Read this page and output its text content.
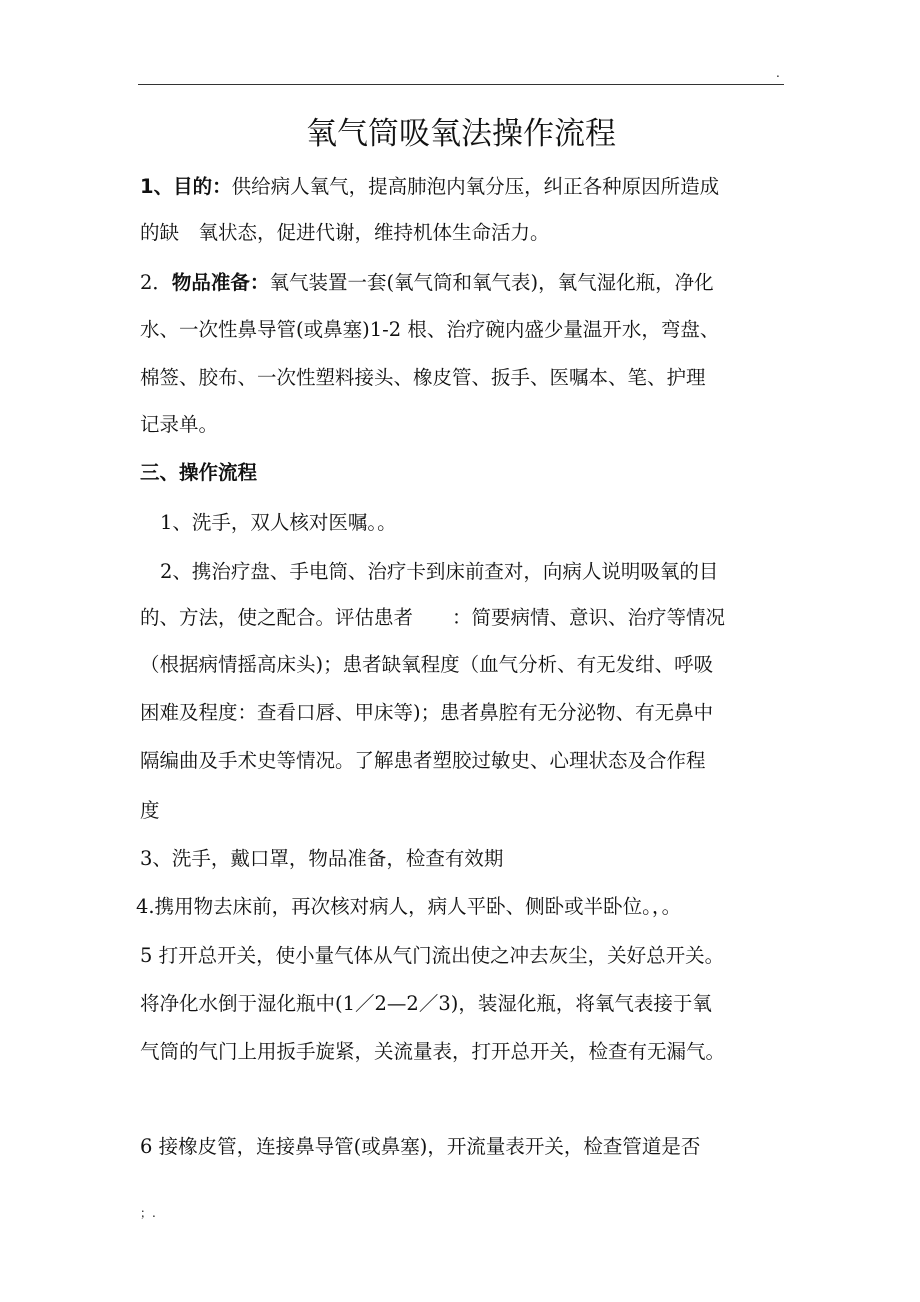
.
氧气筒吸氧法操作流程
1、目的：供给病人氧气，提高肺泡内氧分压，纠正各种原因所造成
的缺　氧状态，促进代谢，维持机体生命活力。
2．物品准备：氧气装置一套(氧气筒和氧气表)，氧气湿化瓶，净化
水、一次性鼻导管(或鼻塞)1-2 根、治疗碗内盛少量温开水，弯盘、
棉签、胶布、一次性塑料接头、橡皮管、扳手、医嘱本、笔、护理
记录单。
三、操作流程
1、洗手，双人核对医嘱。。
2、携治疗盘、手电筒、治疗卡到床前查对，向病人说明吸氧的目
的、方法，使之配合。评估患者　　：简要病情、意识、治疗等情况
（根据病情摇高床头)；患者缺氧程度（血气分析、有无发绀、呼吸
困难及程度：查看口唇、甲床等)；患者鼻腔有无分泌物、有无鼻中
隔编曲及手术史等情况。了解患者塑胶过敏史、心理状态及合作程
度
3、洗手，戴口罩，物品准备，检查有效期
4.携用物去床前，再次核对病人，病人平卧、侧卧或半卧位。，。
5 打开总开关，使小量气体从气门流出使之冲去灰尘，关好总开关。
将净化水倒于湿化瓶中(1／2—2／3)，装湿化瓶，将氧气表接于氧
气筒的气门上用扳手旋紧，关流量表，打开总开关，检查有无漏气。
6 接橡皮管，连接鼻导管(或鼻塞)，开流量表开关，检查管道是否
；.
